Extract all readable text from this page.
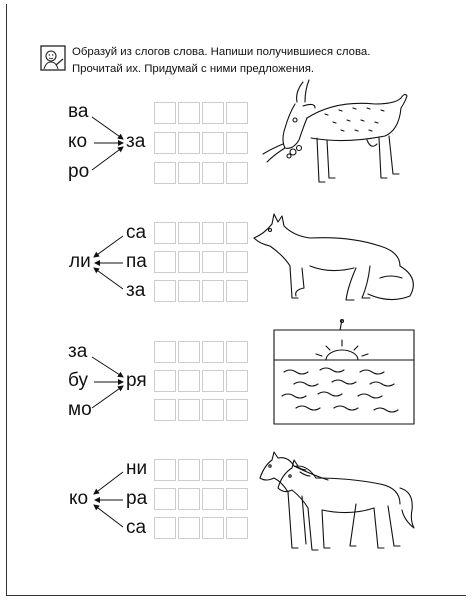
Образуй из слогов слова. Напиши получившиеся слова.
Прочитай их. Придумай с ними предложения.
ва
ко
ро
за
ли
са
па
за
за
бу
мо
ря
ко
ни
ра
са
